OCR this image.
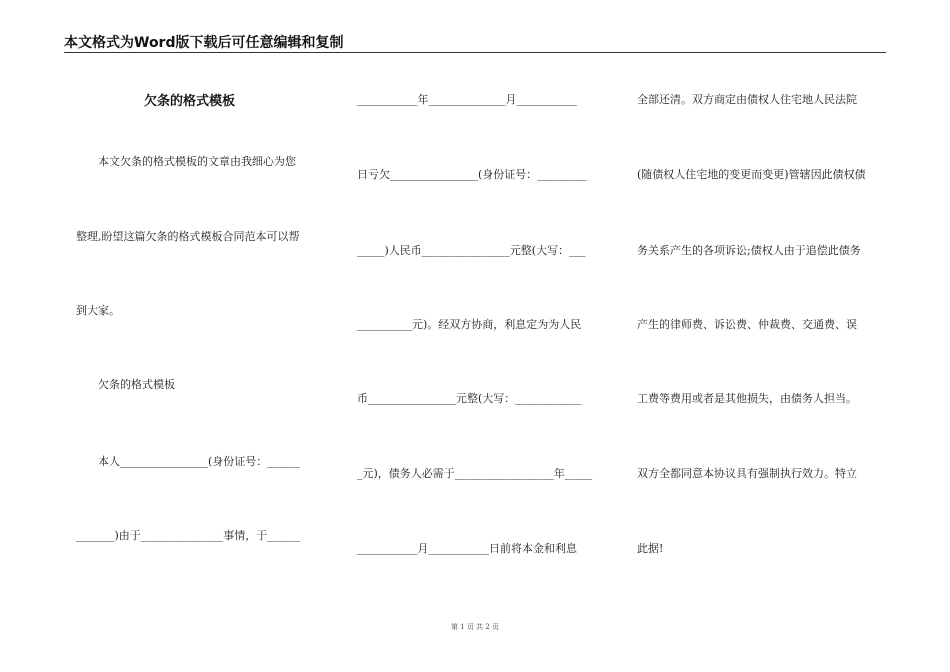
本文格式为Word版下载后可任意编辑和复制
欠条的格式模板
　　本文欠条的格式模板的文章由我细心为您
整理,盼望这篇欠条的格式模板合同范本可以帮
到大家。
　　欠条的格式模板
　　本人________________(身份证号：______
_______)由于_______________事情，于______
___________年______________月___________
日亏欠________________(身份证号：_________
_____)人民币________________元整(大写：___
__________元)。经双方协商，利息定为为人民
币________________元整(大写：____________
_元)，债务人必需于__________________年_____
___________月___________日前将本金和利息
全部还清。双方商定由债权人住宅地人民法院
(随债权人住宅地的变更而变更)管辖因此债权债
务关系产生的各项诉讼;债权人由于追偿此债务
产生的律师费、诉讼费、仲裁费、交通费、误
工费等费用或者是其他损失，由债务人担当。
双方全都同意本协议具有强制执行效力。特立
此据!
第 1 页 共 2 页
